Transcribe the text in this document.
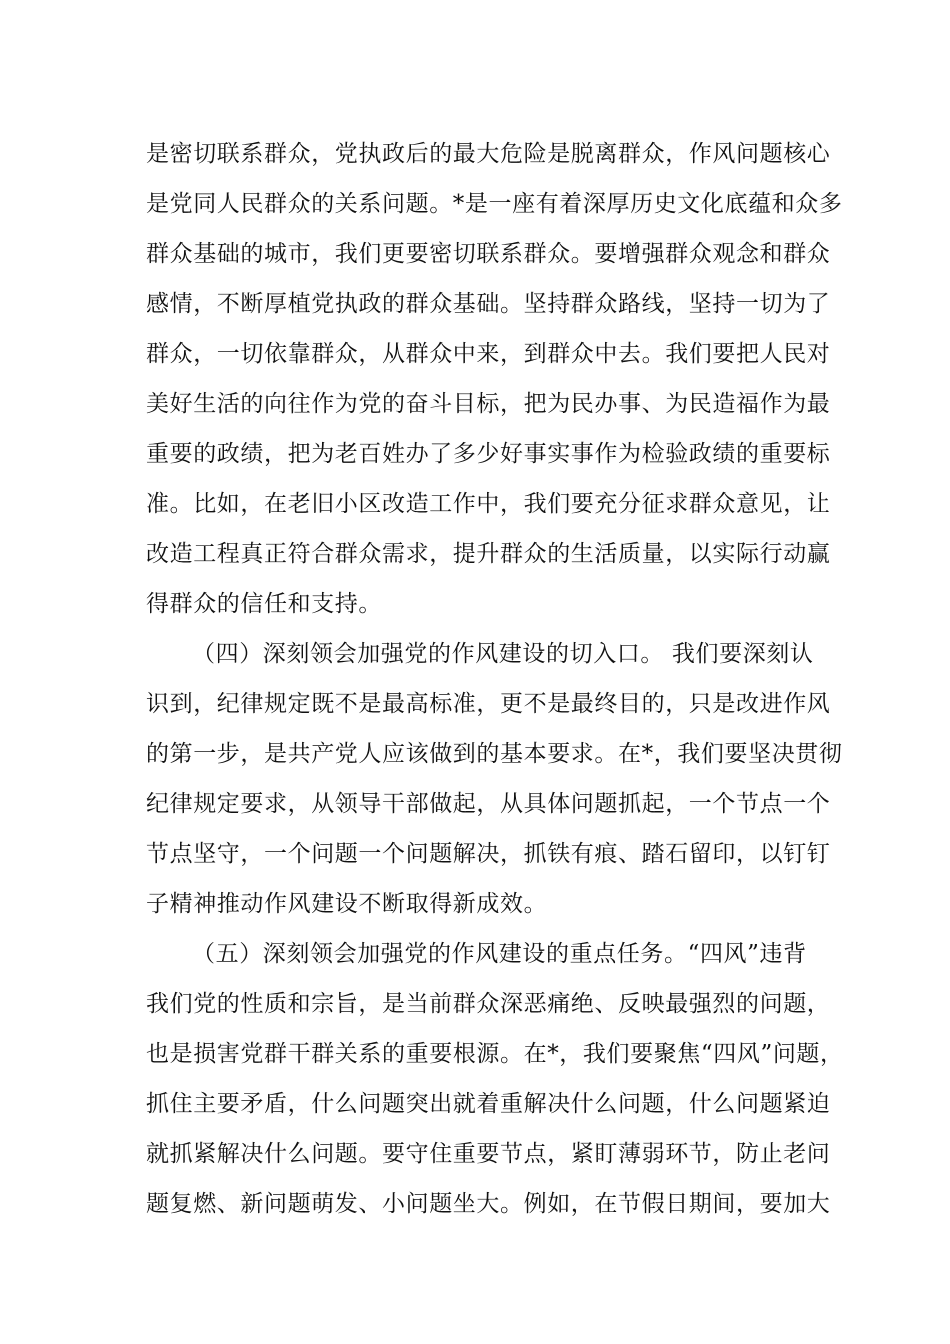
是密切联系群众，党执政后的最大危险是脱离群众，作风问题核心

是党同人民群众的关系问题。*是一座有着深厚历史文化底蕴和众多

群众基础的城市，我们更要密切联系群众。要增强群众观念和群众

感情，不断厚植党执政的群众基础。坚持群众路线，坚持一切为了

群众，一切依靠群众，从群众中来，到群众中去。我们要把人民对

美好生活的向往作为党的奋斗目标，把为民办事、为民造福作为最

重要的政绩，把为老百姓办了多少好事实事作为检验政绩的重要标

准。比如，在老旧小区改造工作中，我们要充分征求群众意见，让

改造工程真正符合群众需求，提升群众的生活质量，以实际行动赢

得群众的信任和支持。

（四）深刻领会加强党的作风建设的切入口。 我们要深刻认

识到，纪律规定既不是最高标准，更不是最终目的，只是改进作风

的第一步，是共产党人应该做到的基本要求。在*，我们要坚决贯彻

纪律规定要求，从领导干部做起，从具体问题抓起，一个节点一个

节点坚守，一个问题一个问题解决，抓铁有痕、踏石留印，以钉钉

子精神推动作风建设不断取得新成效。

（五）深刻领会加强党的作风建设的重点任务。“四风”违背

我们党的性质和宗旨，是当前群众深恶痛绝、反映最强烈的问题，

也是损害党群干群关系的重要根源。在*，我们要聚焦“四风”问题，

抓住主要矛盾，什么问题突出就着重解决什么问题，什么问题紧迫

就抓紧解决什么问题。要守住重要节点，紧盯薄弱环节，防止老问

题复燃、新问题萌发、小问题坐大。例如，在节假日期间，要加大
